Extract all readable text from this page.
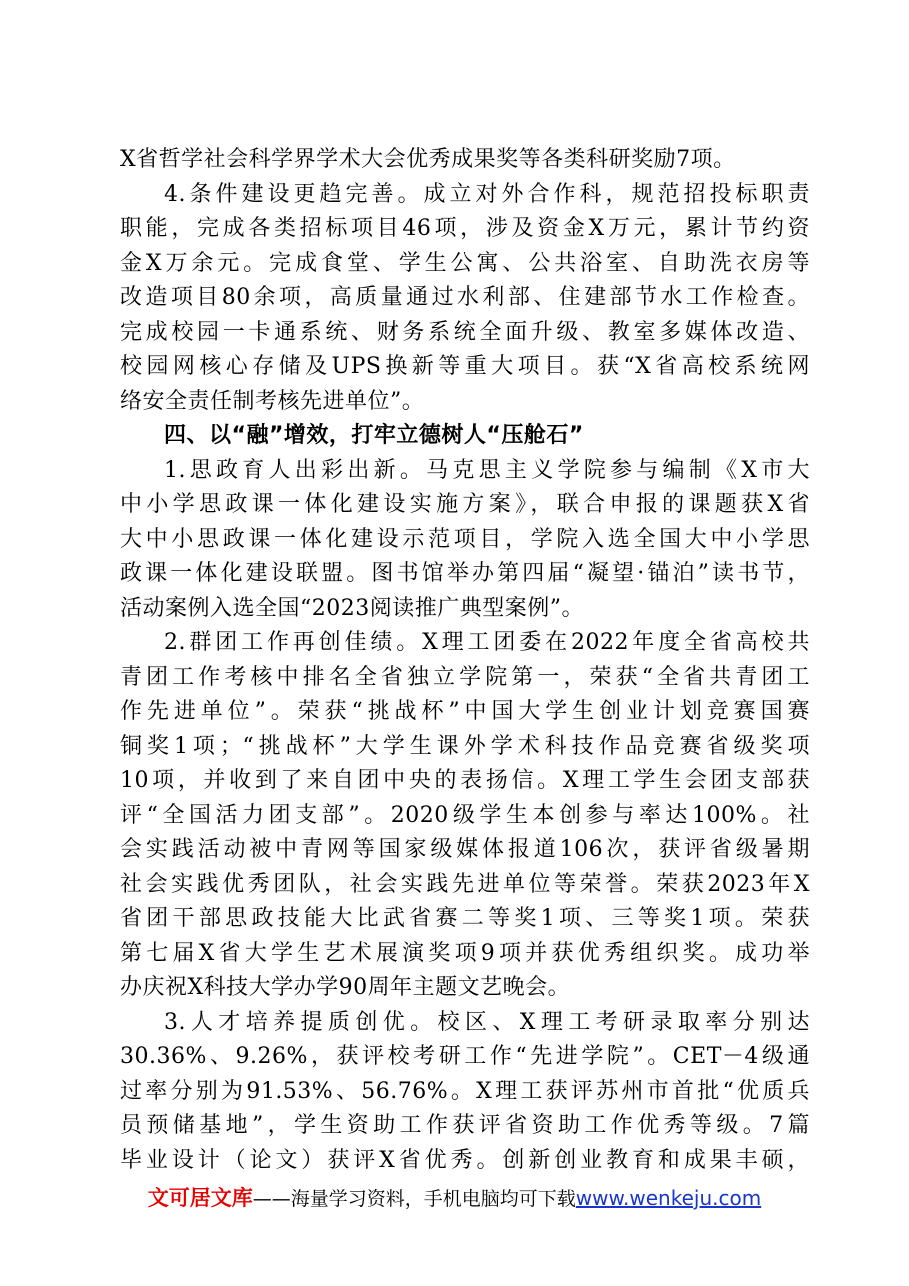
X省哲学社会科学界学术大会优秀成果奖等各类科研奖励7项。
4.条件建设更趋完善。成立对外合作科，规范招投标职责
职能，完成各类招标项目46项，涉及资金X万元，累计节约资
金X万余元。完成食堂、学生公寓、公共浴室、自助洗衣房等
改造项目80余项，高质量通过水利部、住建部节水工作检查。
完成校园一卡通系统、财务系统全面升级、教室多媒体改造、
校园网核心存储及UPS换新等重大项目。获“X省高校系统网
络安全责任制考核先进单位”。
四、以“融”增效，打牢立德树人“压舱石”
1.思政育人出彩出新。马克思主义学院参与编制《X市大
中小学思政课一体化建设实施方案》，联合申报的课题获X省
大中小思政课一体化建设示范项目，学院入选全国大中小学思
政课一体化建设联盟。图书馆举办第四届“凝望·锚泊”读书节，
活动案例入选全国“2023阅读推广典型案例”。
2.群团工作再创佳绩。X理工团委在2022年度全省高校共
青团工作考核中排名全省独立学院第一，荣获“全省共青团工
作先进单位”。荣获“挑战杯”中国大学生创业计划竞赛国赛
铜奖1项；“挑战杯”大学生课外学术科技作品竞赛省级奖项
10项，并收到了来自团中央的表扬信。X理工学生会团支部获
评“全国活力团支部”。2020级学生本创参与率达100%。社
会实践活动被中青网等国家级媒体报道106次，获评省级暑期
社会实践优秀团队，社会实践先进单位等荣誉。荣获2023年X
省团干部思政技能大比武省赛二等奖1项、三等奖1项。荣获
第七届X省大学生艺术展演奖项9项并获优秀组织奖。成功举
办庆祝X科技大学办学90周年主题文艺晚会。
3.人才培养提质创优。校区、X理工考研录取率分别达
30.36%、9.26%，获评校考研工作“先进学院”。CET－4级通
过率分别为91.53%、56.76%。X理工获评苏州市首批“优质兵
员预储基地”，学生资助工作获评省资助工作优秀等级。7篇
毕业设计（论文）获评X省优秀。创新创业教育和成果丰硕，
文可居文库——海量学习资料，手机电脑均可下载www.wenkeju.com
